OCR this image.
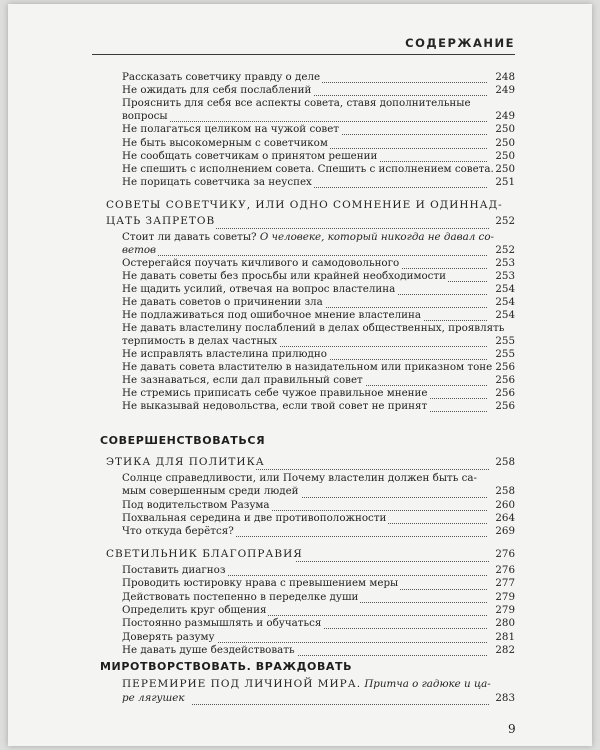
СОДЕРЖАНИЕ
СОВЕТЫ СОВЕТЧИКУ, ИЛИ ОДНО СОМНЕНИЕ И ОДИННАД-
ЦАТЬ ЗАПРЕТОВ	252
СОВЕРШЕНСТВОВАТЬСЯ
ЭТИКА ДЛЯ ПОЛИТИКА	258
СВЕТИЛЬНИК БЛАГОПРАВИЯ	276
МИРОТВОРСТВОВАТЬ. ВРАЖДОВАТЬ
ПЕРЕМИРИЕ ПОД ЛИЧИНОЙ МИРА. Притча о гадюке и ца-
ре лягушек	283
9
Рассказать советчику правду о деле	248
Не ожидать для себя послаблений	249
Прояснить для себя все аспекты совета, ставя дополнительные
вопросы	249
Не полагаться целиком на чужой совет	250
Не быть высокомерным с советчиком	250
Не сообщать советчикам о принятом решении	250
Не спешить с исполнением совета. Спешить с исполнением совета. 250
Не порицать советчика за неуспех	251
Стоит ли давать советы? О человеке, который никогда не давал со-
ветов	252
Остерегайся поучать кичливого и самодовольного	253
Не давать советы без просьбы или крайней необходимости	253
Не щадить усилий, отвечая на вопрос властелина	254
Не давать советов о причинении зла	254
Не подлаживаться под ошибочное мнение властелина	254
Не давать властелину послаблений в делах общественных, проявлять
терпимость в делах частных	255
Не исправлять властелина прилюдно	255
Не давать совета властителю в назидательном или приказном тоне 256
Не зазнаваться, если дал правильный совет	256
Не стремись приписать себе чужое правильное мнение	256
Не выказывай недовольства, если твой совет не принят	256
Солнце справедливости, или Почему властелин должен быть са-
мым совершенным среди людей	258
Под водительством Разума	260
Похвальная середина и две противоположности	264
Что откуда берётся?	269
Поставить диагноз	276
Проводить юстировку нрава с превышением меры	277
Действовать постепенно в переделке души	279
Определить круг общения	279
Постоянно размышлять и обучаться	280
Доверять разуму	281
Не давать душе бездействовать	282
